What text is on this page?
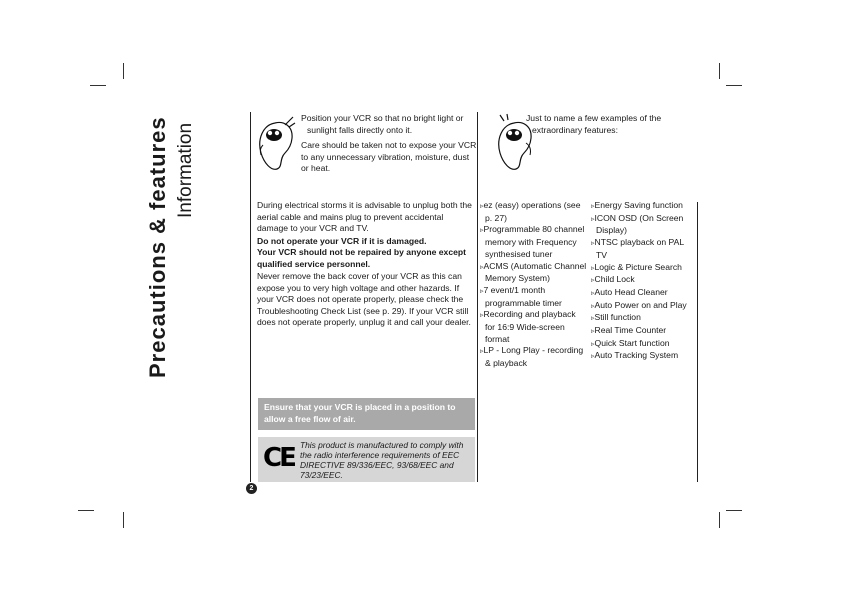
Precautions & features Information
Position your VCR so that no bright light or sunlight falls directly onto it.
Care should be taken not to expose your VCR to any unnecessary vibration, moisture, dust or heat.
During electrical storms it is advisable to unplug both the aerial cable and mains plug to prevent accidental damage to your VCR and TV.
Do not operate your VCR if it is damaged.
Your VCR should not be repaired by anyone except qualified service personnel.
Never remove the back cover of your VCR as this can expose you to very high voltage and other hazards. If your VCR does not operate properly, please check the Troubleshooting Check List (see p. 29). If your VCR still does not operate properly, unplug it and call your dealer.
Ensure that your VCR is placed in a position to allow a free flow of air.
CE This product is manufactured to comply with the radio interference requirements of EEC DIRECTIVE 89/336/EEC, 93/68/EEC and 73/23/EEC.
2
Just to name a few examples of the extraordinary features:
▹ ez (easy) operations (see p. 27)
▹ Programmable 80 channel memory with Frequency synthesised tuner
▹ ACMS (Automatic Channel Memory System)
▹ 7 event/1 month programmable timer
▹ Recording and playback for 16:9 Wide-screen format
▹ LP - Long Play - recording & playback
▹ Energy Saving function
▹ ICON OSD (On Screen Display)
▹ NTSC playback on PAL TV
▹ Logic & Picture Search
▹ Child Lock
▹ Auto Head Cleaner
▹ Auto Power on and Play
▹ Still function
▹ Real Time Counter
▹ Quick Start function
▹ Auto Tracking System
